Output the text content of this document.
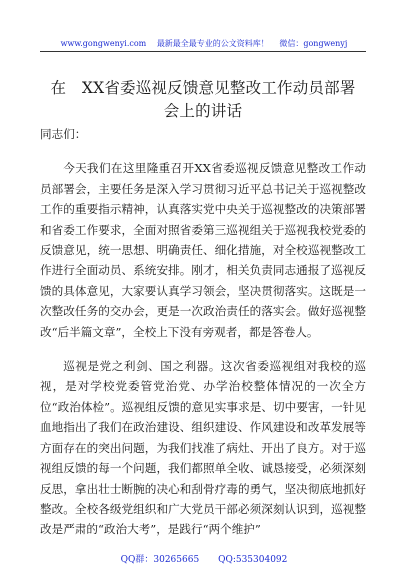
www.gongwenyi.com 最新最全最专业的公文资料库！ 微信：gongwenyj
在　XX省委巡视反馈意见整改工作动员部署
会上的讲话

同志们：

今天我们在这里隆重召开XX省委巡视反馈意见整改工作动员部署会，主要任务是深入学习贯彻习近平总书记关于巡视整改工作的重要指示精神，认真落实党中央关于巡视整改的决策部署和省委工作要求，全面对照省委第三巡视组关于巡视我校党委的反馈意见，统一思想、明确责任、细化措施，对全校巡视整改工作进行全面动员、系统安排。刚才，相关负责同志通报了巡视反馈的具体意见，大家要认真学习领会，坚决贯彻落实。这既是一次整改任务的交办会，更是一次政治责任的落实会。做好巡视整改“后半篇文章”，全校上下没有旁观者，都是答卷人。

巡视是党之利剑、国之利器。这次省委巡视组对我校的巡视，是对学校党委管党治党、办学治校整体情况的一次全方位“政治体检”。巡视组反馈的意见实事求是、切中要害，一针见血地指出了我们在政治建设、组织建设、作风建设和改革发展等方面存在的突出问题，为我们找准了病灶、开出了良方。对于巡视组反馈的每一个问题，我们都照单全收、诚恳接受，必须深刻反思，拿出壮士断腕的决心和刮骨疗毒的勇气，坚决彻底地抓好整改。全校各级党组织和广大党员干部必须深刻认识到，巡视整改是严肃的“政治大考”，是践行“两个维护”

QQ群：30265665 QQ:535304092
